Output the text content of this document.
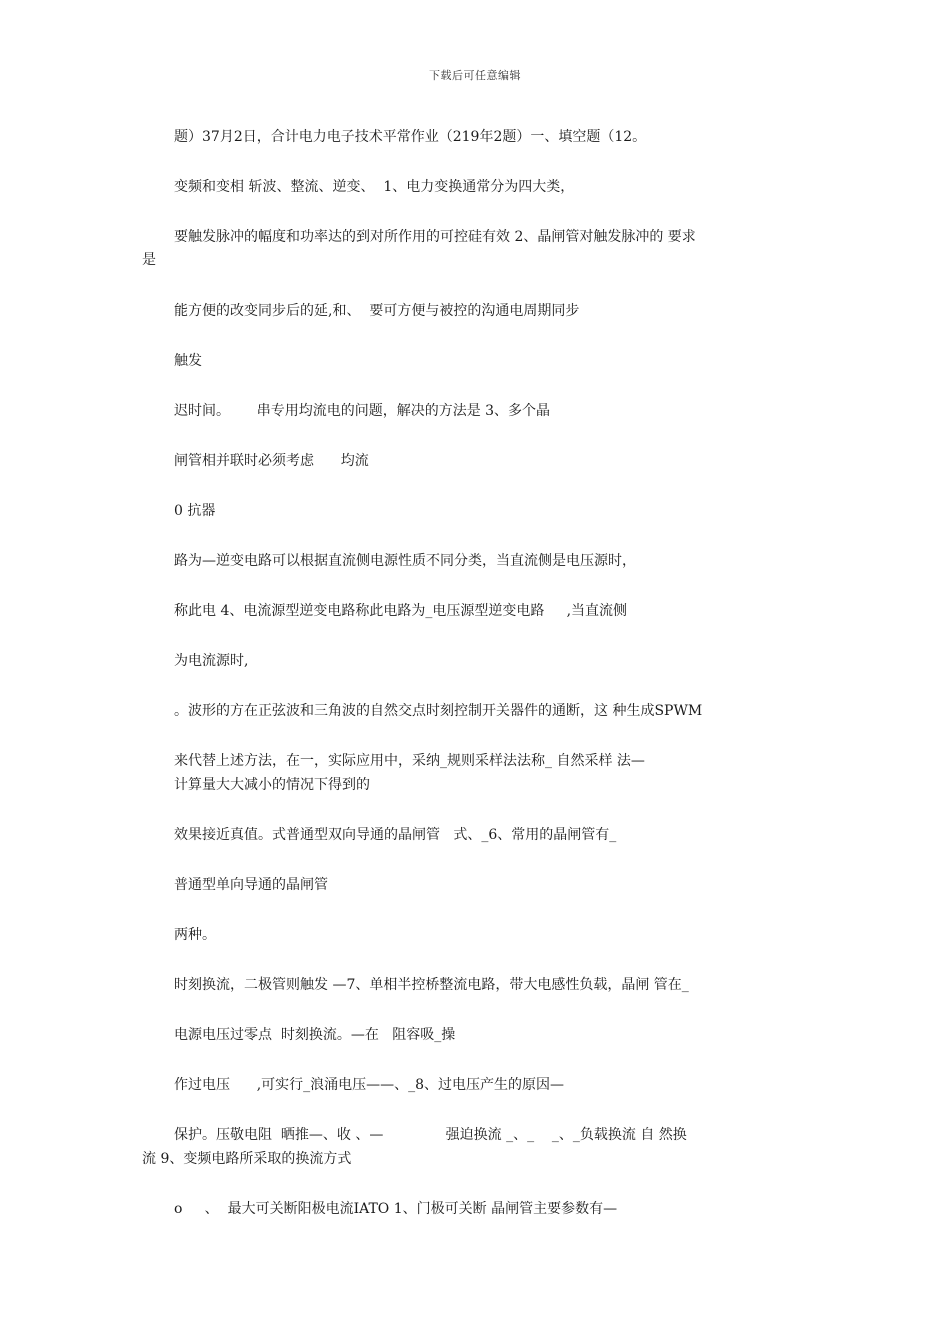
下载后可任意编辑
题）37月2日，合计电力电子技术平常作业（219年2题）一、填空题（12。
变频和变相 斩波、整流、逆变、  1、电力变换通常分为四大类，
要触发脉冲的幅度和功率达的到对所作用的可控硅有效 2、晶闸管对触发脉冲的 要求
是
能方便的改变同步后的延,和、  要可方便与被控的沟通电周期同步
触发
迟时间。      串专用均流电的问题，解决的方法是 3、多个晶
闸管相并联时必须考虑      均流
0 抗器
路为—逆变电路可以根据直流侧电源性质不同分类，当直流侧是电压源时，
称此电 4、电流源型逆变电路称此电路为_电压源型逆变电路     ,当直流侧
为电流源时,
。波形的方在正弦波和三角波的自然交点时刻控制开关器件的通断，这 种生成SPWM
来代替上述方法，在一，实际应用中，采纳_规则采样法法称_ 自然采样 法—
计算量大大减小的情况下得到的
效果接近真值。式普通型双向导通的晶闸管   式、_6、常用的晶闸管有_
普通型单向导通的晶闸管
两种。
时刻换流，二极管则触发 —7、单相半控桥整流电路，带大电感性负载，晶闸 管在_
电源电压过零点  时刻换流。—在   阻容吸_操
作过电压      ,可实行_浪涌电压——、_8、过电压产生的原因—
保护。压敬电阻  晒推—、收 、—              强迫换流 _、_    _、_负载换流 自 然换
流 9、变频电路所采取的换流方式
o     、  最大可关断阳极电流IATO 1、门极可关断 晶闸管主要参数有—
